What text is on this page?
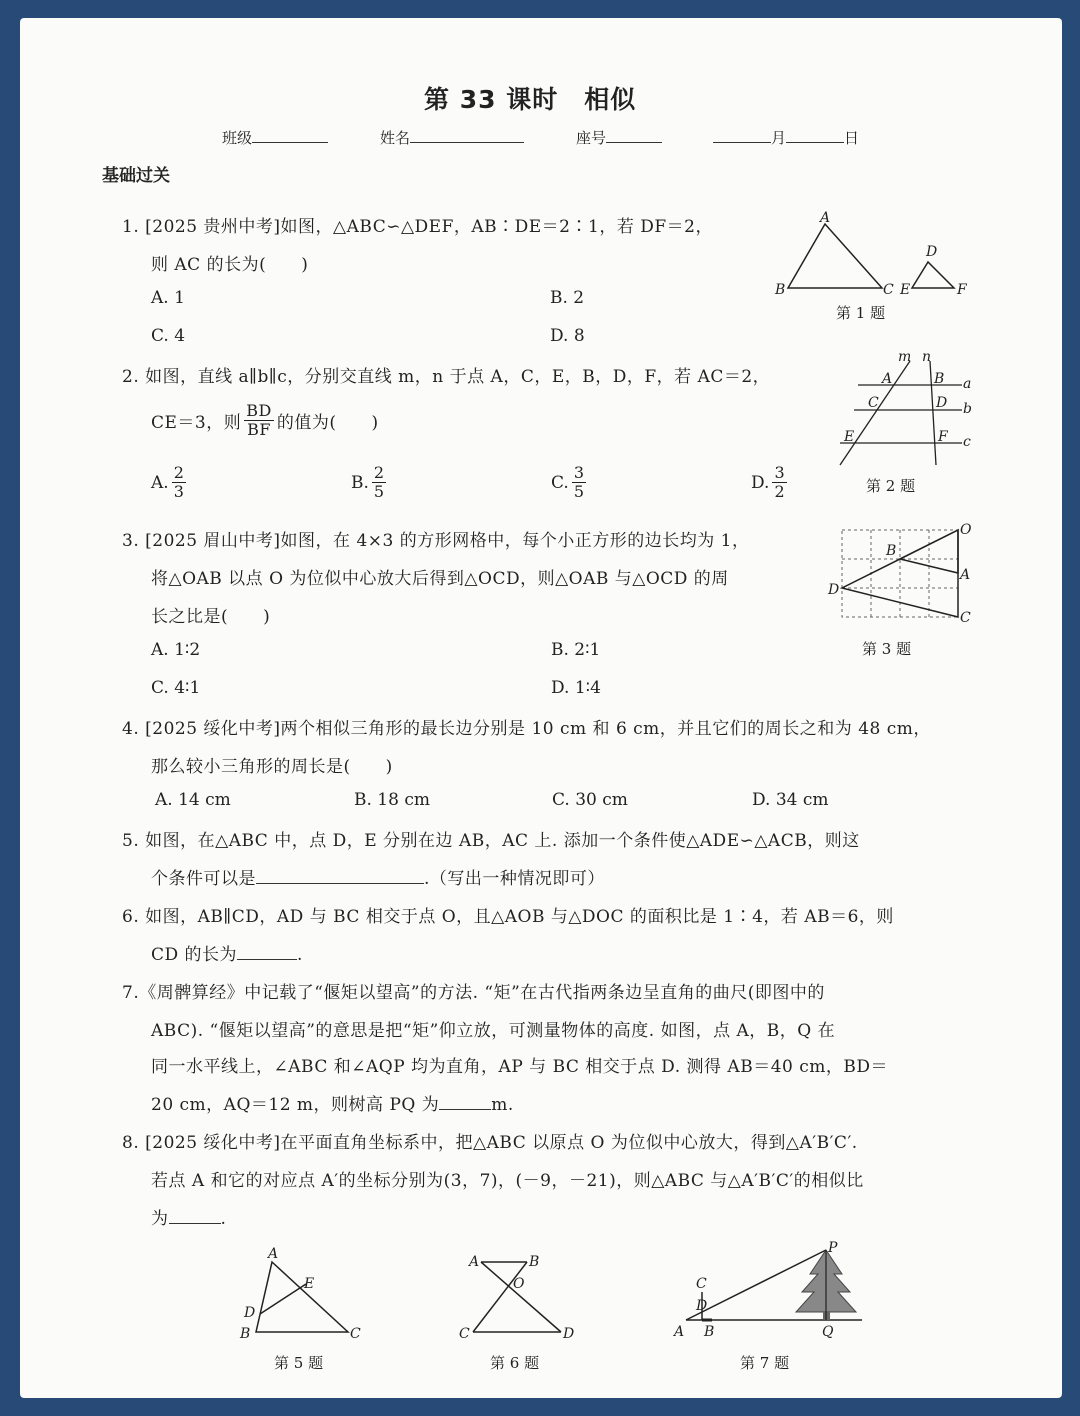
第 33 课时　相似
班级	姓名	座号	月	日
基础过关
1. [2025 贵州中考]如图，△ABC∽△DEF，AB∶DE＝2∶1，若 DF＝2，
则 AC 的长为(　　)
A. 1	B. 2
C. 4	D. 8
A
B	C
D
E	F
第 1 题
2. 如图，直线 a∥b∥c，分别交直线 m，n 于点 A，C，E，B，D，F，若 AC＝2，
CE＝3，则 $\frac{BD}{BF}$ 的值为(　　)
A. $\frac{2}{3}$	B. $\frac{2}{5}$	C. $\frac{3}{5}$	D. $\frac{3}{2}$
m n
A	B
C	D
E	F
a
b
c
第 2 题
3. [2025 眉山中考]如图，在 4×3 的方形网格中，每个小正方形的边长均为 1，
将△OAB 以点 O 为位似中心放大后得到△OCD，则△OAB 与△OCD 的周
长之比是(　　)
A. 1∶2	B. 2∶1
C. 4∶1	D. 1∶4
O
B
A
D
C
第 3 题
4. [2025 绥化中考]两个相似三角形的最长边分别是 10 cm 和 6 cm，并且它们的周长之和为 48 cm，
那么较小三角形的周长是(　　)
A. 14 cm	B. 18 cm	C. 30 cm	D. 34 cm
5. 如图，在△ABC 中，点 D，E 分别在边 AB，AC 上. 添加一个条件使△ADE∽△ACB，则这
个条件可以是	.（写出一种情况即可）
6. 如图，AB∥CD，AD 与 BC 相交于点 O，且△AOB 与△DOC 的面积比是 1∶4，若 AB＝6，则
CD 的长为	.
7.《周髀算经》中记载了“偃矩以望高”的方法. “矩”在古代指两条边呈直角的曲尺(即图中的
ABC). “偃矩以望高”的意思是把“矩”仰立放，可测量物体的高度. 如图，点 A，B，Q 在
同一水平线上，∠ABC 和∠AQP 均为直角，AP 与 BC 相交于点 D. 测得 AB＝40 cm，BD＝
20 cm，AQ＝12 m，则树高 PQ 为	m.
8. [2025 绥化中考]在平面直角坐标系中，把△ABC 以原点 O 为位似中心放大，得到△A′B′C′.
若点 A 和它的对应点 A′的坐标分别为(3，7)，(－9，－21)，则△ABC 与△A′B′C′的相似比
为	.
A
E
D
B	C
第 5 题
A	B
O
C	D
第 6 题
P
C
D
A B	Q
第 7 题
